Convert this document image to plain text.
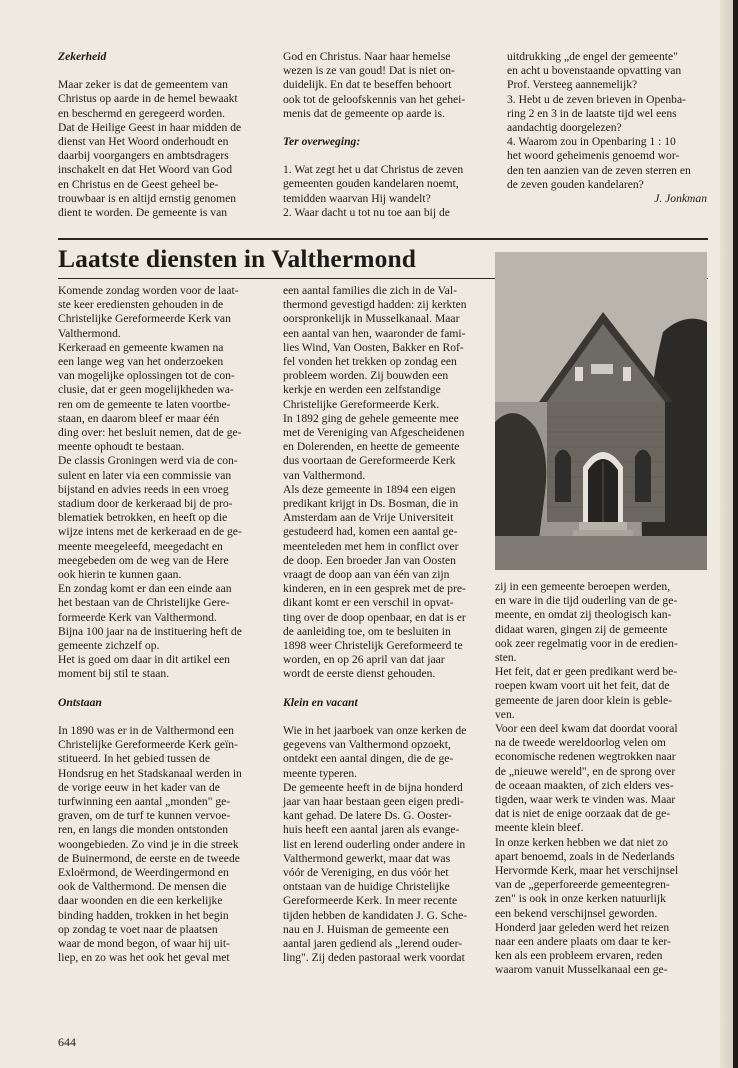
Zekerheid

Maar zeker is dat de gemeentem van
Christus op aarde in de hemel bewaakt
en beschermd en geregeerd worden.
Dat de Heilige Geest in haar midden de
dienst van Het Woord onderhoudt en
daarbij voorgangers en ambtsdragers
inschakelt en dat Het Woord van God
en Christus en de Geest geheel be-
trouwbaar is en altijd ernstig genomen
dient te worden. De gemeente is van

God en Christus. Naar haar hemelse
wezen is ze van goud! Dat is niet on-
duidelijk. En dat te beseffen behoort
ook tot de geloofskennis van het gehei-
menis dat de gemeente op aarde is.

Ter overweging:

1. Wat zegt het u dat Christus de zeven
gemeenten gouden kandelaren noemt,
temidden waarvan Hij wandelt?
2. Waar dacht u tot nu toe aan bij de

uitdrukking „de engel der gemeente"
en acht u bovenstaande opvatting van
Prof. Versteeg aannemelijk?
3. Hebt u de zeven brieven in Openba-
ring 2 en 3 in de laatste tijd wel eens
aandachtig doorgelezen?
4. Waarom zou in Openbaring 1 : 10
het woord geheimenis genoemd wor-
den ten aanzien van de zeven sterren en
de zeven gouden kandelaren?

J. Jonkman

Laatste diensten in Valthermond

Komende zondag worden voor de laat-
ste keer erediensten gehouden in de
Christelijke Gereformeerde Kerk van
Valthermond.
Kerkeraad en gemeente kwamen na
een lange weg van het onderzoeken
van mogelijke oplossingen tot de con-
clusie, dat er geen mogelijkheden wa-
ren om de gemeente te laten voortbe-
staan, en daarom bleef er maar één
ding over: het besluit nemen, dat de ge-
meente ophoudt te bestaan.
De classis Groningen werd via de con-
sulent en later via een commissie van
bijstand en advies reeds in een vroeg
stadium door de kerkeraad bij de pro-
blematiek betrokken, en heeft op die
wijze intens met de kerkeraad en de ge-
meente meegeleefd, meegedacht en
meegebeden om de weg van de Here
ook hierin te kunnen gaan.
En zondag komt er dan een einde aan
het bestaan van de Christelijke Gere-
formeerde Kerk van Valthermond.
Bijna 100 jaar na de instituering heft de
gemeente zichzelf op.
Het is goed om daar in dit artikel een
moment bij stil te staan.

Ontstaan

In 1890 was er in de Valthermond een
Christelijke Gereformeerde Kerk geïn-
stitueerd. In het gebied tussen de
Hondsrug en het Stadskanaal werden in
de vorige eeuw in het kader van de
turfwinning een aantal „monden" ge-
graven, om de turf te kunnen vervoe-
ren, en langs die monden ontstonden
woongebieden. Zo vind je in die streek
de Buinermond, de eerste en de tweede
Exloërmond, de Weerdingermond en
ook de Valthermond. De mensen die
daar woonden en die een kerkelijke
binding hadden, trokken in het begin
op zondag te voet naar de plaatsen
waar de mond begon, of waar hij uit-
liep, en zo was het ook het geval met

een aantal families die zich in de Val-
thermond gevestigd hadden: zij kerkten
oorspronkelijk in Musselkanaal. Maar
een aantal van hen, waaronder de fami-
lies Wind, Van Oosten, Bakker en Rof-
fel vonden het trekken op zondag een
probleem worden. Zij bouwden een
kerkje en werden een zelfstandige
Christelijke Gereformeerde Kerk.
In 1892 ging de gehele gemeente mee
met de Vereniging van Afgescheidenen
en Dolerenden, en heette de gemeente
dus voortaan de Gereformeerde Kerk
van Valthermond.
Als deze gemeente in 1894 een eigen
predikant krijgt in Ds. Bosman, die in
Amsterdam aan de Vrije Universiteit
gestudeerd had, komen een aantal ge-
meenteleden met hem in conflict over
de doop. Een broeder Jan van Oosten
vraagt de doop aan van één van zijn
kinderen, en in een gesprek met de pre-
dikant komt er een verschil in opvat-
ting over de doop openbaar, en dat is er
de aanleiding toe, om te besluiten in
1898 weer Christelijk Gereformeerd te
worden, en op 26 april van dat jaar
wordt de eerste dienst gehouden.

Klein en vacant

Wie in het jaarboek van onze kerken de
gegevens van Valthermond opzoekt,
ontdekt een aantal dingen, die de ge-
meente typeren.
De gemeente heeft in de bijna honderd
jaar van haar bestaan geen eigen predi-
kant gehad. De latere Ds. G. Ooster-
huis heeft een aantal jaren als evange-
list en lerend ouderling onder andere in
Valthermond gewerkt, maar dat was
vóór de Vereniging, en dus vóór het
ontstaan van de huidige Christelijke
Gereformeerde Kerk. In meer recente
tijden hebben de kandidaten J. G. Sche-
nau en J. Huisman de gemeente een
aantal jaren gediend als „lerend ouder-
ling". Zij deden pastoraal werk voordat

zij in een gemeente beroepen werden,
en ware in die tijd ouderling van de ge-
meente, en omdat zij theologisch kan-
didaat waren, gingen zij de gemeente
ook zeer regelmatig voor in de eredien-
sten.
Het feit, dat er geen predikant werd be-
roepen kwam voort uit het feit, dat de
gemeente de jaren door klein is geble-
ven.
Voor een deel kwam dat doordat vooral
na de tweede wereldoorlog velen om
economische redenen wegtrokken naar
de „nieuwe wereld", en de sprong over
de oceaan maakten, of zich elders ves-
tigden, waar werk te vinden was. Maar
dat is niet de enige oorzaak dat de ge-
meente klein bleef.
In onze kerken hebben we dat niet zo
apart benoemd, zoals in de Nederlands
Hervormde Kerk, maar het verschijnsel
van de „geperforeerde gemeentegren-
zen" is ook in onze kerken natuurlijk
een bekend verschijnsel geworden.
Honderd jaar geleden werd het reizen
naar een andere plaats om daar te ker-
ken als een probleem ervaren, reden
waarom vanuit Musselkanaal een ge-

644
